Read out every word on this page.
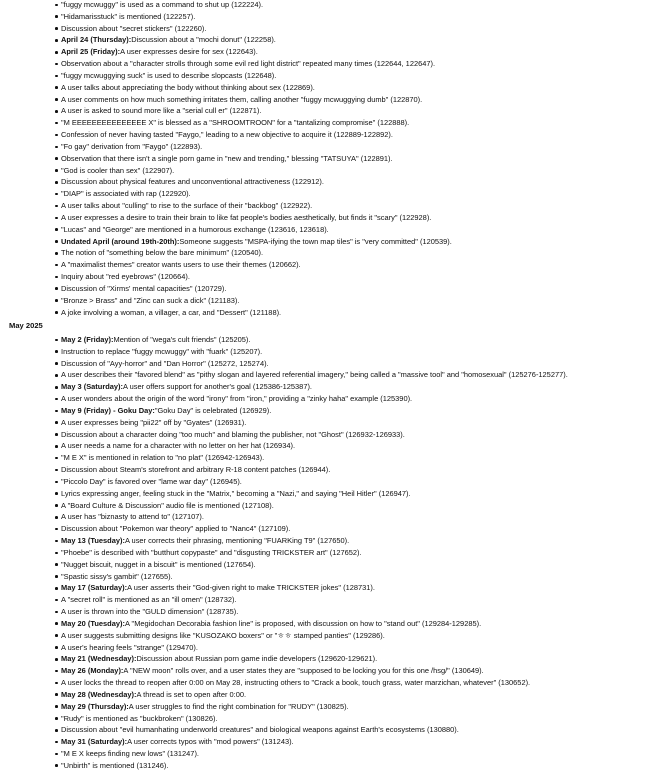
"fuggy mcwuggy" is used as a command to shut up (122224).
"Hidamarisstuck" is mentioned (122257).
Discussion about "secret stickers" (122260).
April 24 (Thursday):Discussion about a "mochi donut" (122258).
April 25 (Friday):A user expresses desire for sex (122643).
Observation about a "character strolls through some evil red light district" repeated many times (122644, 122647).
"fuggy mcwuggying suck" is used to describe slopcasts (122648).
A user talks about appreciating the body without thinking about sex (122869).
A user comments on how much something irritates them, calling another "fuggy mcwuggying dumb" (122870).
A user is asked to sound more like a "serial cull er" (122871).
"M EEEEEEEEEEEEEEE X" is blessed as a "SHROOMTROON" for a "tantalizing compromise" (122888).
Confession of never having tasted "Faygo," leading to a new objective to acquire it (122889-122892).
"Fo gay" derivation from "Faygo" (122893).
Observation that there isn't a single porn game in "new and trending," blessing "TATSUYA" (122891).
"God is cooler than sex" (122907).
Discussion about physical features and unconventional attractiveness (122912).
"DIAP" is associated with rap (122920).
A user talks about "culling" to rise to the surface of their "backbog" (122922).
A user expresses a desire to train their brain to like fat people's bodies aesthetically, but finds it "scary" (122928).
"Lucas" and "George" are mentioned in a humorous exchange (123616, 123618).
Undated April (around 19th-20th):Someone suggests "MSPA-ifying the town map tiles" is "very committed" (120539).
The notion of "something below the bare minimum" (120540).
A "maximalist themes" creator wants users to use their themes (120662).
Inquiry about "red eyebrows" (120664).
Discussion of "Xirms' mental capacities" (120729).
"Bronze > Brass" and "Zinc can suck a dick" (121183).
A joke involving a woman, a villager, a car, and "Dessert" (121188).
May 2025
May 2 (Friday):Mention of "wega's cult friends" (125205).
Instruction to replace "fuggy mcwuggy" with "fuark" (125207).
Discussion of "Ayy-horror" and "Dan Horror" (125272, 125274).
A user describes their "favored blend" as "pithy slogan and layered referential imagery," being called a "massive tool" and "homosexual" (125276-125277).
May 3 (Saturday):A user offers support for another's goal (125386-125387).
A user wonders about the origin of the word "irony" from "iron," providing a "zinky haha" example (125390).
May 9 (Friday) - Goku Day:"Goku Day" is celebrated (126929).
A user expresses being "pii22" off by "Gyates" (126931).
Discussion about a character doing "too much" and blaming the publisher, not "Ghost" (126932-126933).
A user needs a name for a character with no letter on her hat (126934).
"M E X" is mentioned in relation to "no plat" (126942-126943).
Discussion about Steam's storefront and arbitrary R-18 content patches (126944).
"Piccolo Day" is favored over "lame war day" (126945).
Lyrics expressing anger, feeling stuck in the "Matrix," becoming a "Nazi," and saying "Heil Hitler" (126947).
A "Board Culture & Discussion" audio file is mentioned (127108).
A user has "biznasty to attend to" (127107).
Discussion about "Pokemon war theory" applied to "Nanc4" (127109).
May 13 (Tuesday):A user corrects their phrasing, mentioning "FUARKing T9" (127650).
"Phoebe" is described with "butthurt copypaste" and "disgusting TRICKSTER art" (127652).
"Nugget biscuit, nugget in a biscuit" is mentioned (127654).
"Spastic sissy's gambit" (127655).
May 17 (Saturday):A user asserts their "God-given right to make TRICKSTER jokes" (128731).
A "secret roll" is mentioned as an "ill omen" (128732).
A user is thrown into the "GULD dimension" (128735).
May 20 (Tuesday):A "Megidochan Decorabia fashion line" is proposed, with discussion on how to "stand out" (129284-129285).
A user suggests submitting designs like "KUSOZAKO boxers" or "ㅎㅎ stamped panties" (129286).
A user's hearing feels "strange" (129470).
May 21 (Wednesday):Discussion about Russian porn game indie developers (129620-129621).
May 26 (Monday):A "NEW moon" rolls over, and a user states they are "supposed to be locking you for this one /hsg/" (130649).
A user locks the thread to reopen after 0:00 on May 28, instructing others to "Crack a book, touch grass, water marzichan, whatever" (130652).
May 28 (Wednesday):A thread is set to open after 0:00.
May 29 (Thursday):A user struggles to find the right combination for "RUDY" (130825).
"Rudy" is mentioned as "buckbroken" (130826).
Discussion about "evil humanhating underworld creatures" and biological weapons against Earth's ecosystems (130880).
May 31 (Saturday):A user corrects typos with "mod powers" (131243).
"M E X keeps finding new lows" (131247).
"Unbirth" is mentioned (131246).
